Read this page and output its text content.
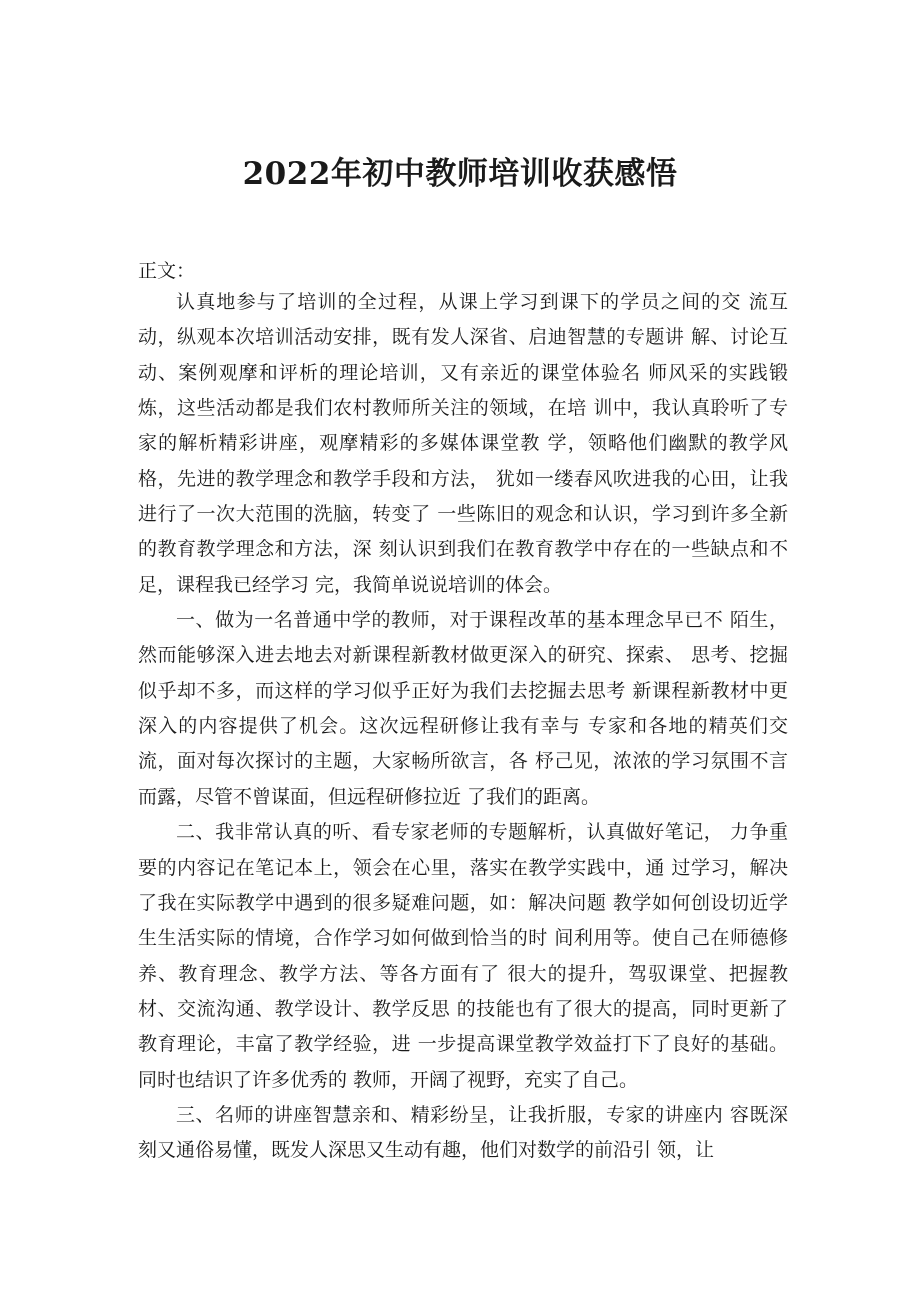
2022年初中教师培训收获感悟

正文：

认真地参与了培训的全过程，从课上学习到课下的学员之间的交 流互动，纵观本次培训活动安排，既有发人深省、启迪智慧的专题讲 解、讨论互动、案例观摩和评析的理论培训，又有亲近的课堂体验名 师风采的实践锻炼，这些活动都是我们农村教师所关注的领域，在培 训中，我认真聆听了专家的解析精彩讲座，观摩精彩的多媒体课堂教 学，领略他们幽默的教学风格，先进的教学理念和教学手段和方法， 犹如一缕春风吹进我的心田，让我进行了一次大范围的洗脑，转变了 一些陈旧的观念和认识，学习到许多全新的教育教学理念和方法，深 刻认识到我们在教育教学中存在的一些缺点和不足，课程我已经学习 完，我简单说说培训的体会。

一、做为一名普通中学的教师，对于课程改革的基本理念早已不 陌生，然而能够深入进去地去对新课程新教材做更深入的研究、探索、 思考、挖掘似乎却不多，而这样的学习似乎正好为我们去挖掘去思考 新课程新教材中更深入的内容提供了机会。这次远程研修让我有幸与 专家和各地的精英们交流，面对每次探讨的主题，大家畅所欲言，各 杼己见，浓浓的学习氛围不言而露，尽管不曾谋面，但远程研修拉近 了我们的距离。

二、我非常认真的听、看专家老师的专题解析，认真做好笔记， 力争重要的内容记在笔记本上，领会在心里，落实在教学实践中，通 过学习，解决了我在实际教学中遇到的很多疑难问题，如：解决问题 教学如何创设切近学生生活实际的情境，合作学习如何做到恰当的时 间利用等。使自己在师德修养、教育理念、教学方法、等各方面有了 很大的提升，驾驭课堂、把握教材、交流沟通、教学设计、教学反思 的技能也有了很大的提高，同时更新了教育理论，丰富了教学经验，进 一步提高课堂教学效益打下了良好的基础。同时也结识了许多优秀的 教师，开阔了视野，充实了自己。

三、名师的讲座智慧亲和、精彩纷呈，让我折服，专家的讲座内 容既深刻又通俗易懂，既发人深思又生动有趣，他们对数学的前沿引 领，让
